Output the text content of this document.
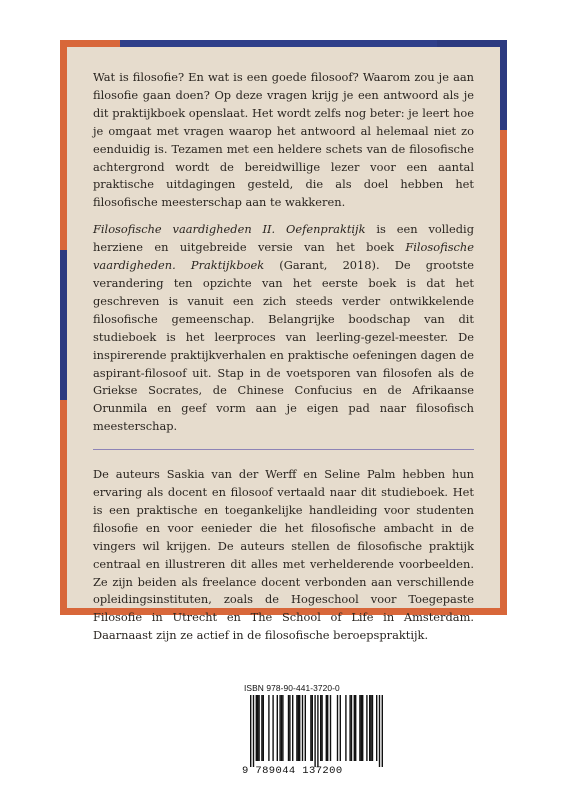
Wat is filosofie? En wat is een goede filosoof? Waarom zou je aan filosofie gaan doen? Op deze vragen krijg je een antwoord als je dit praktijkboek openslaat. Het wordt zelfs nog beter: je leert hoe je omgaat met vragen waarop het antwoord al helemaal niet zo eenduidig is. Tezamen met een heldere schets van de filosofische achtergrond wordt de bereidwillige lezer voor een aantal praktische uitdagingen gesteld, die als doel hebben het filosofische meesterschap aan te wakkeren.

Filosofische vaardigheden II. Oefenpraktijk is een volledig herziene en uitgebreide versie van het boek Filosofische vaardigheden. Praktijkboek (Garant, 2018). De grootste verandering ten opzichte van het eerste boek is dat het geschreven is vanuit een zich steeds verder ontwikkelende filosofische gemeenschap. Belangrijke boodschap van dit studieboek is het leerproces van leerling-gezel-meester. De inspirerende praktijkverhalen en praktische oefeningen dagen de aspirant-filosoof uit. Stap in de voetsporen van filosofen als de Griekse Socrates, de Chinese Confucius en de Afrikaanse Orunmila en geef vorm aan je eigen pad naar filosofisch meesterschap.

De auteurs Saskia van der Werff en Seline Palm hebben hun ervaring als docent en filosoof vertaald naar dit studieboek. Het is een praktische en toegankelijke handleiding voor studenten filosofie en voor eenieder die het filosofische ambacht in de vingers wil krijgen. De auteurs stellen de filosofische praktijk centraal en illustreren dit alles met verhelderende voorbeelden. Ze zijn beiden als freelance docent verbonden aan verschillende opleidingsinstituten, zoals de Hogeschool voor Toegepaste Filosofie in Utrecht en The School of Life in Amsterdam. Daarnaast zijn ze actief in de filosofische beroepspraktijk.

ISBN 978-90-441-3720-0
9 789044 137200
